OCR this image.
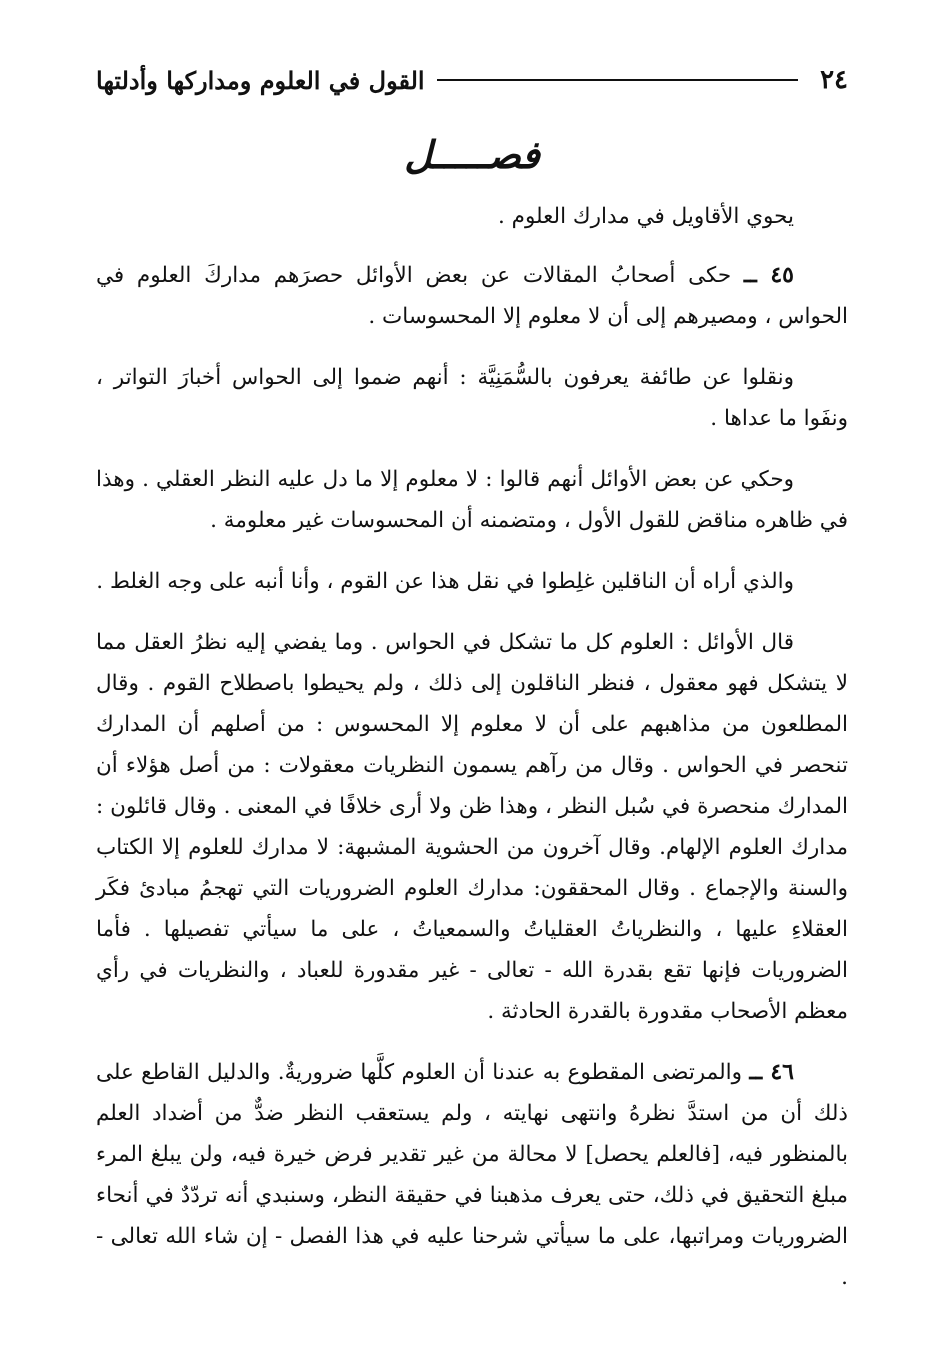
٢٤
القول في العلوم ومداركها وأدلتها
فصـــــل

يحوي الأقاويل في مدارك العلوم .

٤٥ ــ حكى أصحابُ المقالات عن بعض الأوائل حصرَهم مداركَ العلوم في الحواس ، ومصيرهم إلى أن لا معلوم إلا المحسوسات .

ونقلوا عن طائفة يعرفون بالسُّمَنِيَّة : أنهم ضموا إلى الحواس أخبارَ التواتر ، ونفَوا ما عداها .

وحكي عن بعض الأوائل أنهم قالوا : لا معلوم إلا ما دل عليه النظر العقلي . وهذا في ظاهره مناقض للقول الأول ، ومتضمنه أن المحسوسات غير معلومة .

والذي أراه أن الناقلين غلِطوا في نقل هذا عن القوم ، وأنا أنبه على وجه الغلط .

قال الأوائل : العلوم كل ما تشكل في الحواس . وما يفضي إليه نظرُ العقل مما لا يتشكل فهو معقول ، فنظر الناقلون إلى ذلك ، ولم يحيطوا باصطلاح القوم . وقال المطلعون من مذاهبهم على أن لا معلوم إلا المحسوس : من أصلهم أن المدارك تنحصر في الحواس . وقال من رآهم يسمون النظريات معقولات : من أصل هؤلاء أن المدارك منحصرة في سُبل النظر ، وهذا ظن ولا أرى خلافًا في المعنى . وقال قائلون : مدارك العلوم الإلهام. وقال آخرون من الحشوية المشبهة: لا مدارك للعلوم إلا الكتاب والسنة والإجماع . وقال المحققون: مدارك العلوم الضروريات التي تهجمُ مبادئ فكَر العقلاءِ عليها ، والنظرياتُ العقلياتُ والسمعياتُ ، على ما سيأتي تفصيلها . فأما الضروريات فإنها تقع بقدرة الله - تعالى - غير مقدورة للعباد ، والنظريات في رأي معظم الأصحاب مقدورة بالقدرة الحادثة .

٤٦ ــ والمرتضى المقطوع به عندنا أن العلوم كلَّها ضروريةٌ. والدليل القاطع على ذلك أن من استدَّ نظرهُ وانتهى نهايته ، ولم يستعقب النظر ضدٌّ من أضداد العلم بالمنظور فيه، [فالعلم يحصل] لا محالة من غير تقدير فرض خيرة فيه، ولن يبلغ المرء مبلغ التحقيق في ذلك، حتى يعرف مذهبنا في حقيقة النظر، وسنبدي أنه تردّدٌ في أنحاء الضروريات ومراتبها، على ما سيأتي شرحنا عليه في هذا الفصل - إن شاء الله تعالى - .
